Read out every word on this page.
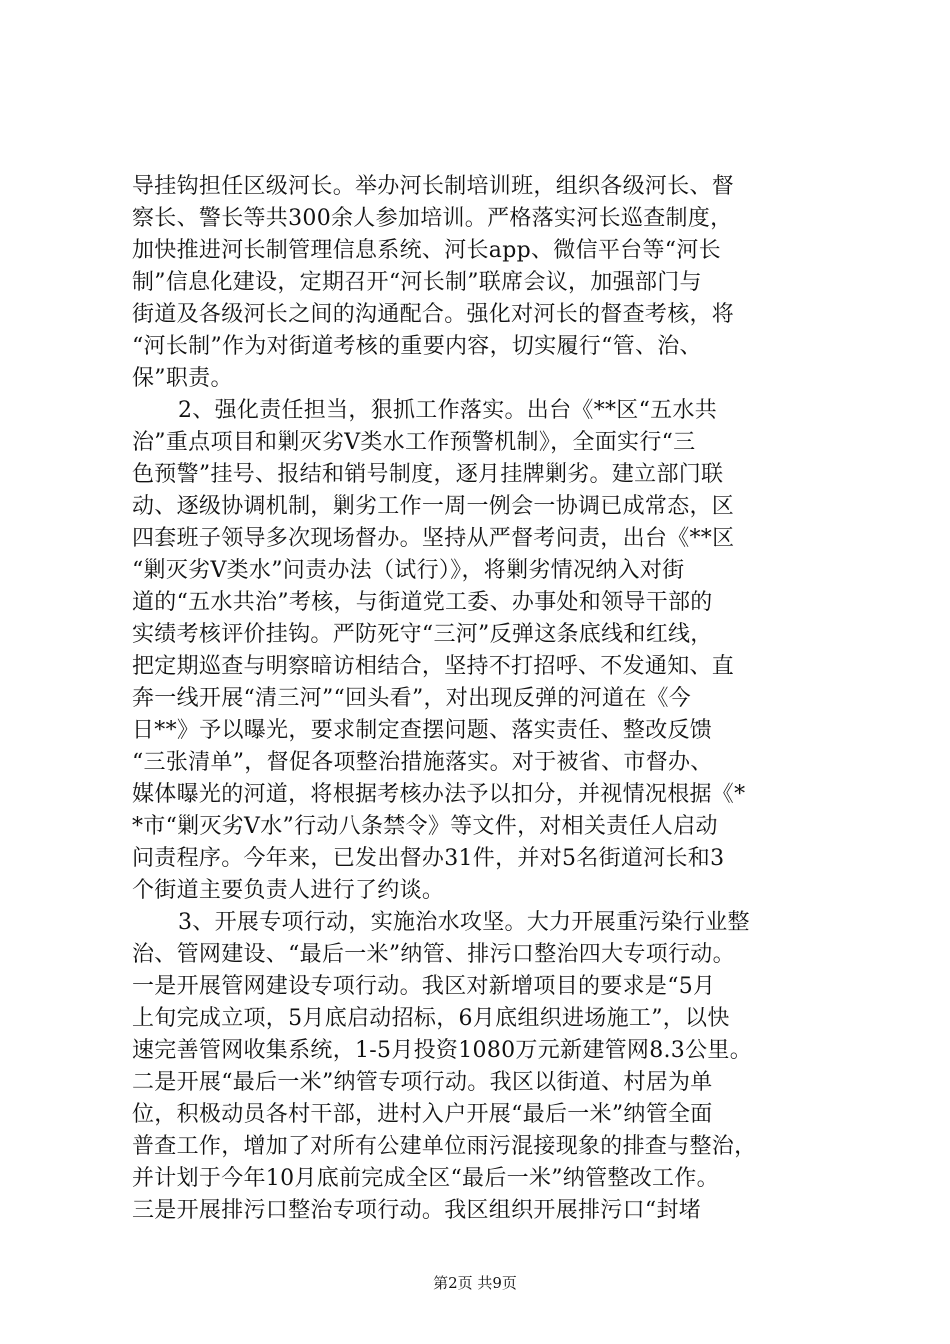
导挂钩担任区级河长。举办河长制培训班，组织各级河长、督
察长、警长等共300余人参加培训。严格落实河长巡查制度，
加快推进河长制管理信息系统、河长app、微信平台等“河长
制”信息化建设，定期召开“河长制”联席会议，加强部门与
街道及各级河长之间的沟通配合。强化对河长的督查考核，将
“河长制”作为对街道考核的重要内容，切实履行“管、治、
保”职责。
2、强化责任担当，狠抓工作落实。出台《**区“五水共
治”重点项目和剿灭劣Ⅴ类水工作预警机制》，全面实行“三
色预警”挂号、报结和销号制度，逐月挂牌剿劣。建立部门联
动、逐级协调机制，剿劣工作一周一例会一协调已成常态，区
四套班子领导多次现场督办。坚持从严督考问责，出台《**区
“剿灭劣Ⅴ类水”问责办法（试行）》，将剿劣情况纳入对街
道的“五水共治”考核，与街道党工委、办事处和领导干部的
实绩考核评价挂钩。严防死守“三河”反弹这条底线和红线，
把定期巡查与明察暗访相结合，坚持不打招呼、不发通知、直
奔一线开展“清三河”“回头看”，对出现反弹的河道在《今
日**》予以曝光，要求制定查摆问题、落实责任、整改反馈
“三张清单”，督促各项整治措施落实。对于被省、市督办、
媒体曝光的河道，将根据考核办法予以扣分，并视情况根据《*
*市“剿灭劣Ⅴ水”行动八条禁令》等文件，对相关责任人启动
问责程序。今年来，已发出督办31件，并对5名街道河长和3
个街道主要负责人进行了约谈。
3、开展专项行动，实施治水攻坚。大力开展重污染行业整
治、管网建设、“最后一米”纳管、排污口整治四大专项行动。
一是开展管网建设专项行动。我区对新增项目的要求是“5月
上旬完成立项，5月底启动招标，6月底组织进场施工”，以快
速完善管网收集系统，1-5月投资1080万元新建管网8.3公里。
二是开展“最后一米”纳管专项行动。我区以街道、村居为单
位，积极动员各村干部，进村入户开展“最后一米”纳管全面
普查工作，增加了对所有公建单位雨污混接现象的排查与整治，
并计划于今年10月底前完成全区“最后一米”纳管整改工作。
三是开展排污口整治专项行动。我区组织开展排污口“封堵
第2页 共9页
